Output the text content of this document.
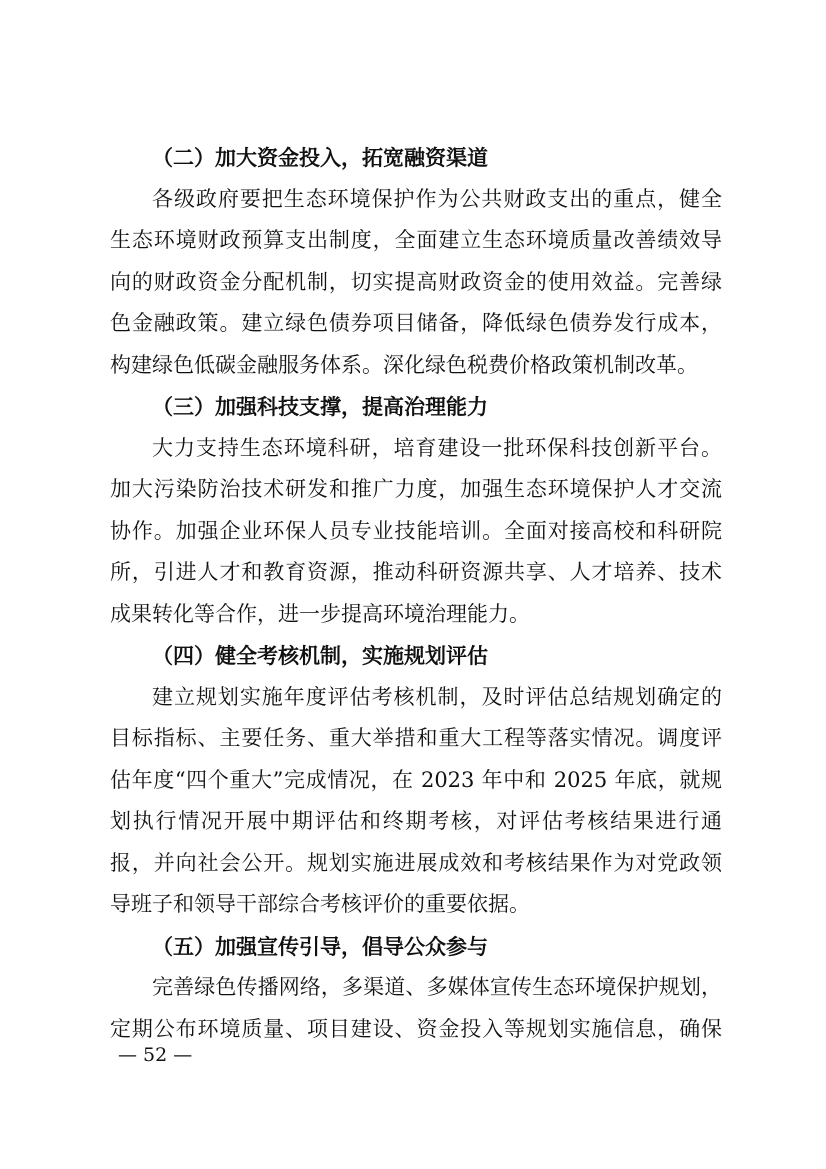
（二）加大资金投入，拓宽融资渠道
各级政府要把生态环境保护作为公共财政支出的重点，健全
生态环境财政预算支出制度，全面建立生态环境质量改善绩效导
向的财政资金分配机制，切实提高财政资金的使用效益。完善绿
色金融政策。建立绿色债券项目储备，降低绿色债券发行成本，
构建绿色低碳金融服务体系。深化绿色税费价格政策机制改革。
（三）加强科技支撑，提高治理能力
大力支持生态环境科研，培育建设一批环保科技创新平台。
加大污染防治技术研发和推广力度，加强生态环境保护人才交流
协作。加强企业环保人员专业技能培训。全面对接高校和科研院
所，引进人才和教育资源，推动科研资源共享、人才培养、技术
成果转化等合作，进一步提高环境治理能力。
（四）健全考核机制，实施规划评估
建立规划实施年度评估考核机制，及时评估总结规划确定的
目标指标、主要任务、重大举措和重大工程等落实情况。调度评
估年度“四个重大”完成情况，在 2023 年中和 2025 年底，就规
划执行情况开展中期评估和终期考核，对评估考核结果进行通
报，并向社会公开。规划实施进展成效和考核结果作为对党政领
导班子和领导干部综合考核评价的重要依据。
（五）加强宣传引导，倡导公众参与
完善绿色传播网络，多渠道、多媒体宣传生态环境保护规划，
定期公布环境质量、项目建设、资金投入等规划实施信息，确保
— 52 —
